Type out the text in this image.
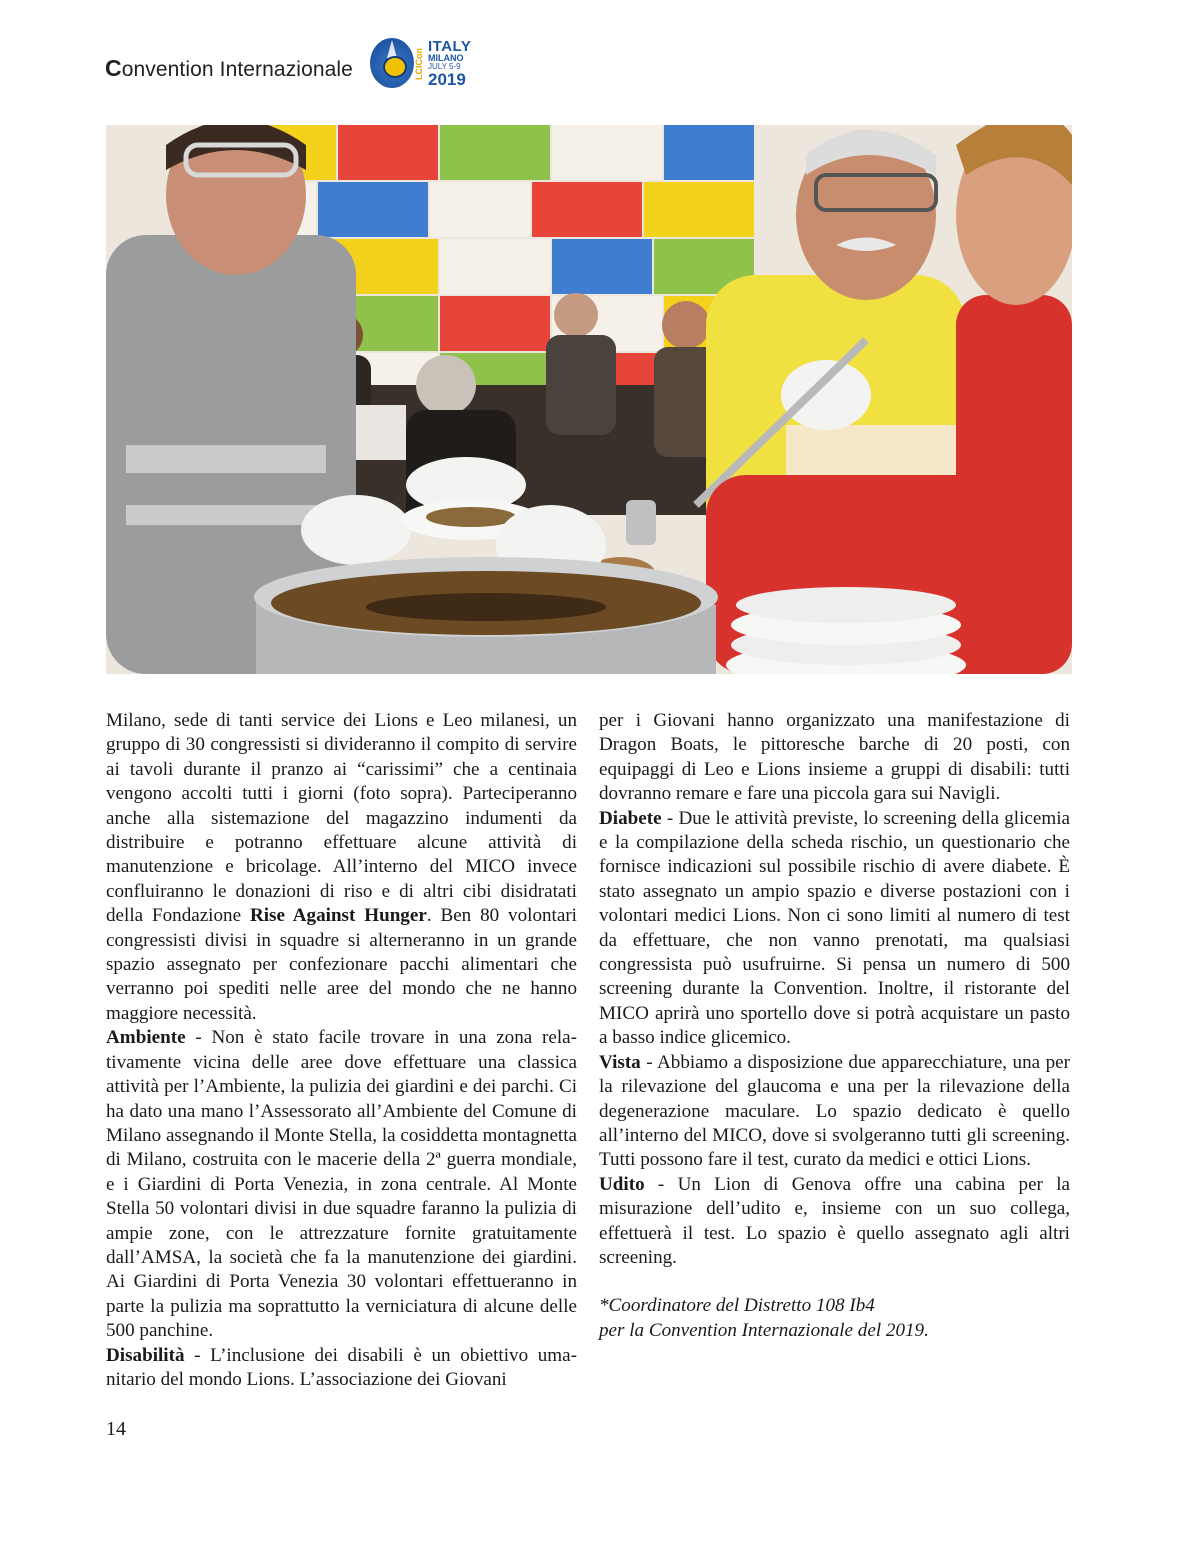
Convention Internazionale	LCICon
ITALY
MILANO
JULY 5-9
2019

Milano, sede di tanti service dei Lions e Leo milanesi, un gruppo di 30 congressisti si divideranno il compito di servire ai tavoli durante il pranzo ai “carissimi” che a centinaia vengono accolti tutti i giorni (foto sopra). Parteciperanno anche alla sistemazione del magazzino indumenti da distribuire e potranno effettuare alcune attività di manutenzione e bricolage. All’interno del MICO invece confluiranno le donazioni di riso e di altri cibi disidratati della Fondazione Rise Against Hunger. Ben 80 volontari congressisti divisi in squadre si alterneranno in un grande spazio assegnato per confezionare pacchi alimentari che verranno poi spediti nelle aree del mondo che ne hanno maggiore necessità.

Ambiente - Non è stato facile trovare in una zona relativamente vicina delle aree dove effettuare una classica attività per l’Ambiente, la pulizia dei giardini e dei parchi. Ci ha dato una mano l’Assessorato all’Ambiente del Comune di Milano assegnando il Monte Stella, la cosiddetta montagnetta di Milano, costruita con le macerie della 2ª guerra mondiale, e i Giardini di Porta Venezia, in zona centrale. Al Monte Stella 50 volontari divisi in due squadre faranno la pulizia di ampie zone, con le attrezzature fornite gratuitamente dall’AMSA, la società che fa la manutenzione dei giardini. Ai Giardini di Porta Venezia 30 volontari effettueranno in parte la pulizia ma soprattutto la verniciatura di alcune delle 500 panchine.

Disabilità - L’inclusione dei disabili è un obiettivo umanitario del mondo Lions. L’associazione dei Giovani

per i Giovani hanno organizzato una manifestazione di Dragon Boats, le pittoresche barche di 20 posti, con equipaggi di Leo e Lions insieme a gruppi di disabili: tutti dovranno remare e fare una piccola gara sui Navigli.

Diabete - Due le attività previste, lo screening della glicemia e la compilazione della scheda rischio, un questionario che fornisce indicazioni sul possibile rischio di avere diabete. È stato assegnato un ampio spazio e diverse postazioni con i volontari medici Lions. Non ci sono limiti al numero di test da effettuare, che non vanno prenotati, ma qualsiasi congressista può usufruirne. Si pensa un numero di 500 screening durante la Convention. Inoltre, il ristorante del MICO aprirà uno sportello dove si potrà acquistare un pasto a basso indice glicemico.

Vista - Abbiamo a disposizione due apparecchiature, una per la rilevazione del glaucoma e una per la rilevazione della degenerazione maculare. Lo spazio dedicato è quello all’interno del MICO, dove si svolgeranno tutti gli screening. Tutti possono fare il test, curato da medici e ottici Lions.

Udito - Un Lion di Genova offre una cabina per la misurazione dell’udito e, insieme con un suo collega, effettuerà il test. Lo spazio è quello assegnato agli altri screening.

*Coordinatore del Distretto 108 Ib4
per la Convention Internazionale del 2019.

14
